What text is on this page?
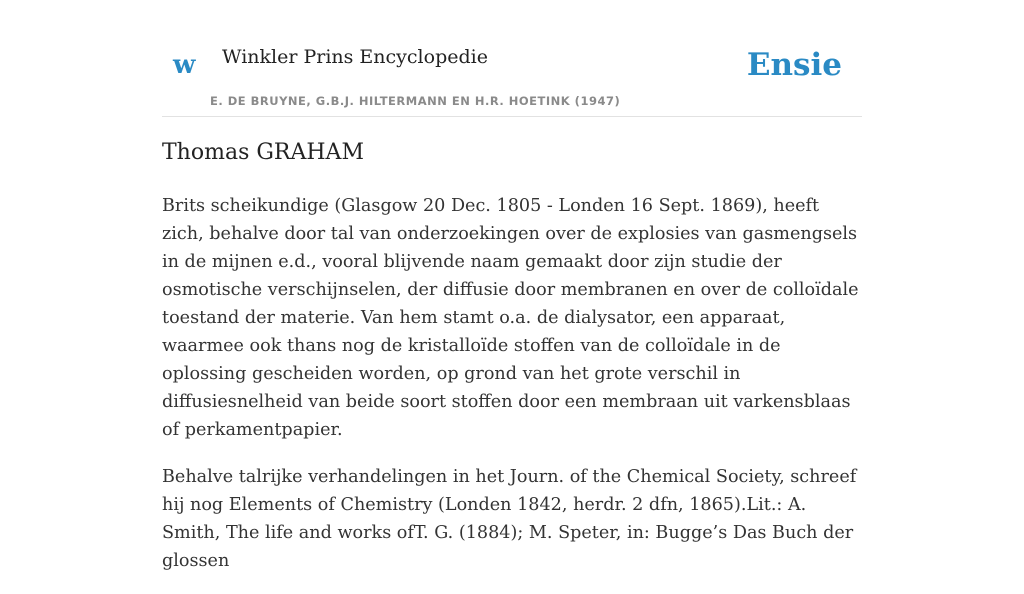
w Winkler Prins Encyclopedie
E. DE BRUYNE, G.B.J. HILTERMANN EN H.R. HOETINK (1947)
Ensie
Thomas GRAHAM

Brits scheikundige (Glasgow 20 Dec. 1805 - Londen 16 Sept. 1869), heeft zich, behalve door tal van onderzoekingen over de explosies van gasmengsels in de mijnen e.d., vooral blijvende naam gemaakt door zijn studie der osmotische verschijnselen, der diffusie door membranen en over de colloïdale toestand der materie. Van hem stamt o.a. de dialysator, een apparaat, waarmee ook thans nog de kristalloïde stoffen van de colloïdale in de oplossing gescheiden worden, op grond van het grote verschil in diffusiesnelheid van beide soort stoffen door een membraan uit varkensblaas of perkamentpapier.

Behalve talrijke verhandelingen in het Journ. of the Chemical Society, schreef hij nog Elements of Chemistry (Londen 1842, herdr. 2 dfn, 1865).Lit.: A. Smith, The life and works ofT. G. (1884); M. Speter, in: Bugge’s Das Buch der glossen
